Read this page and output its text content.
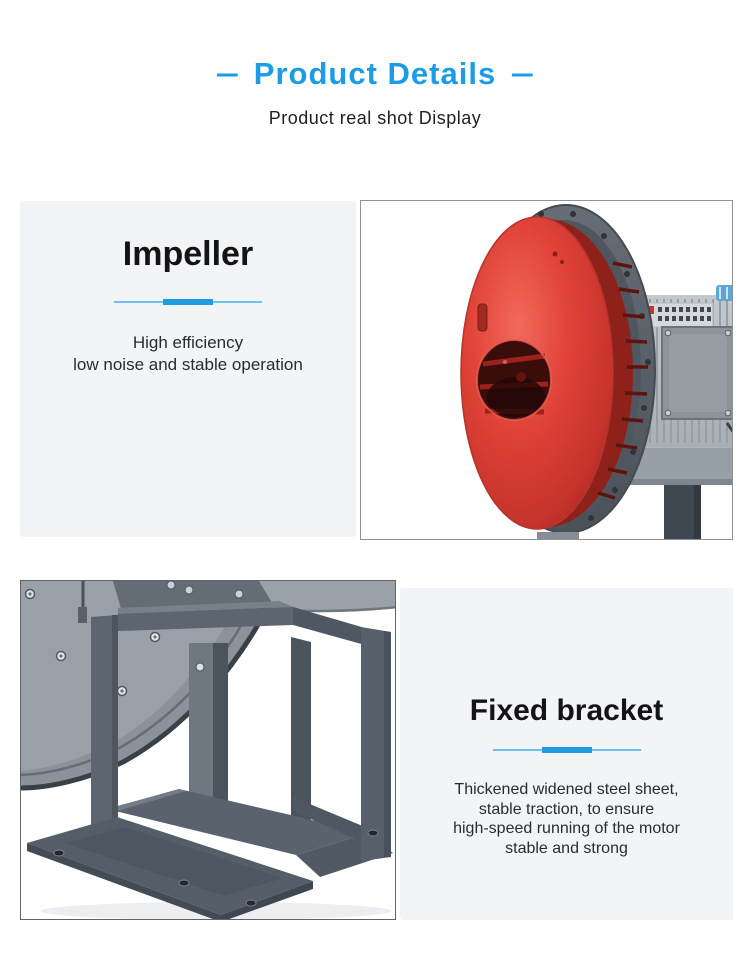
– Product Details –
Product real shot Display
Impeller
High efficiency
low noise and stable operation
Fixed bracket
Thickened widened steel sheet,
stable traction, to ensure
high-speed running of the motor
stable and strong
